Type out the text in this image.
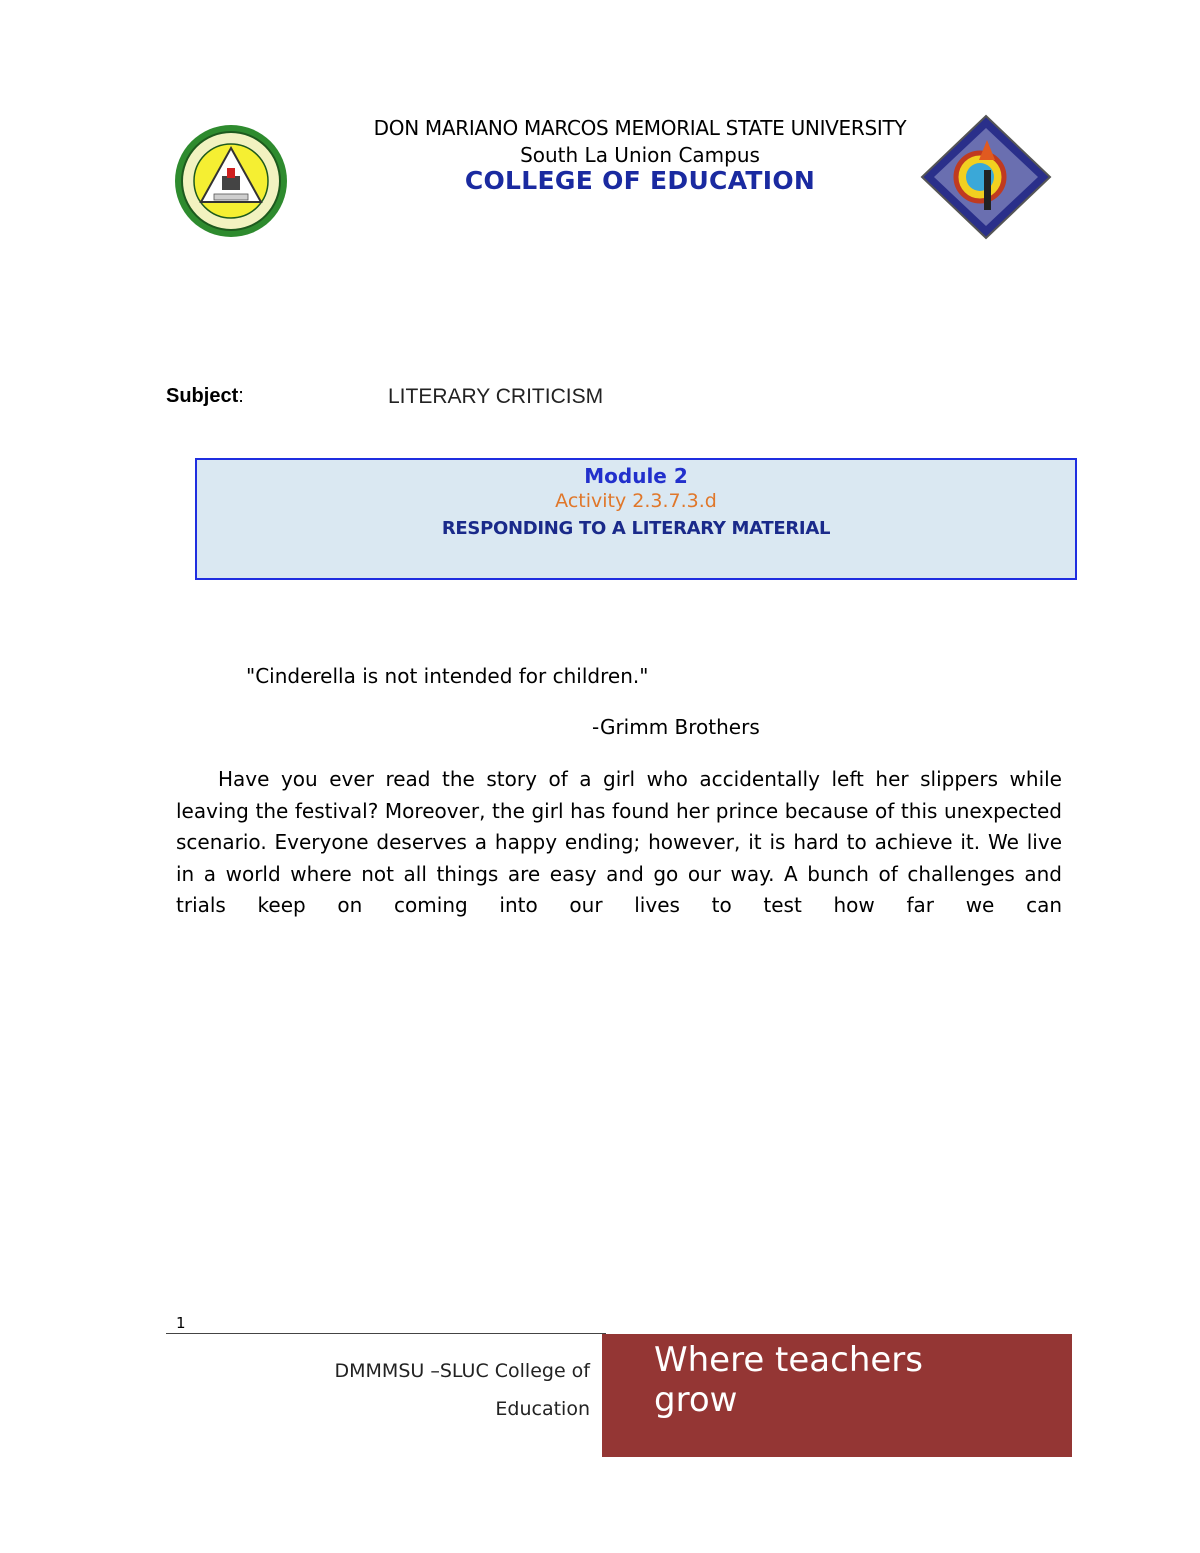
DON MARIANO MARCOS MEMORIAL STATE UNIVERSITY
South La Union Campus
COLLEGE OF EDUCATION
Subject:	LITERARY CRITICISM
Module 2
Activity 2.3.7.3.d
RESPONDING TO A LITERARY MATERIAL
"Cinderella is not intended for children."
-Grimm Brothers
Have you ever read the story of a girl who accidentally left her slippers while leaving the festival? Moreover, the girl has found her prince because of this unexpected scenario. Everyone deserves a happy ending; however, it is hard to achieve it. We live in a world where not all things are easy and go our way. A bunch of challenges and trials keep on coming into our lives to test how far we can
1
DMMMSU –SLUC College of
Education
Where teachers grow
